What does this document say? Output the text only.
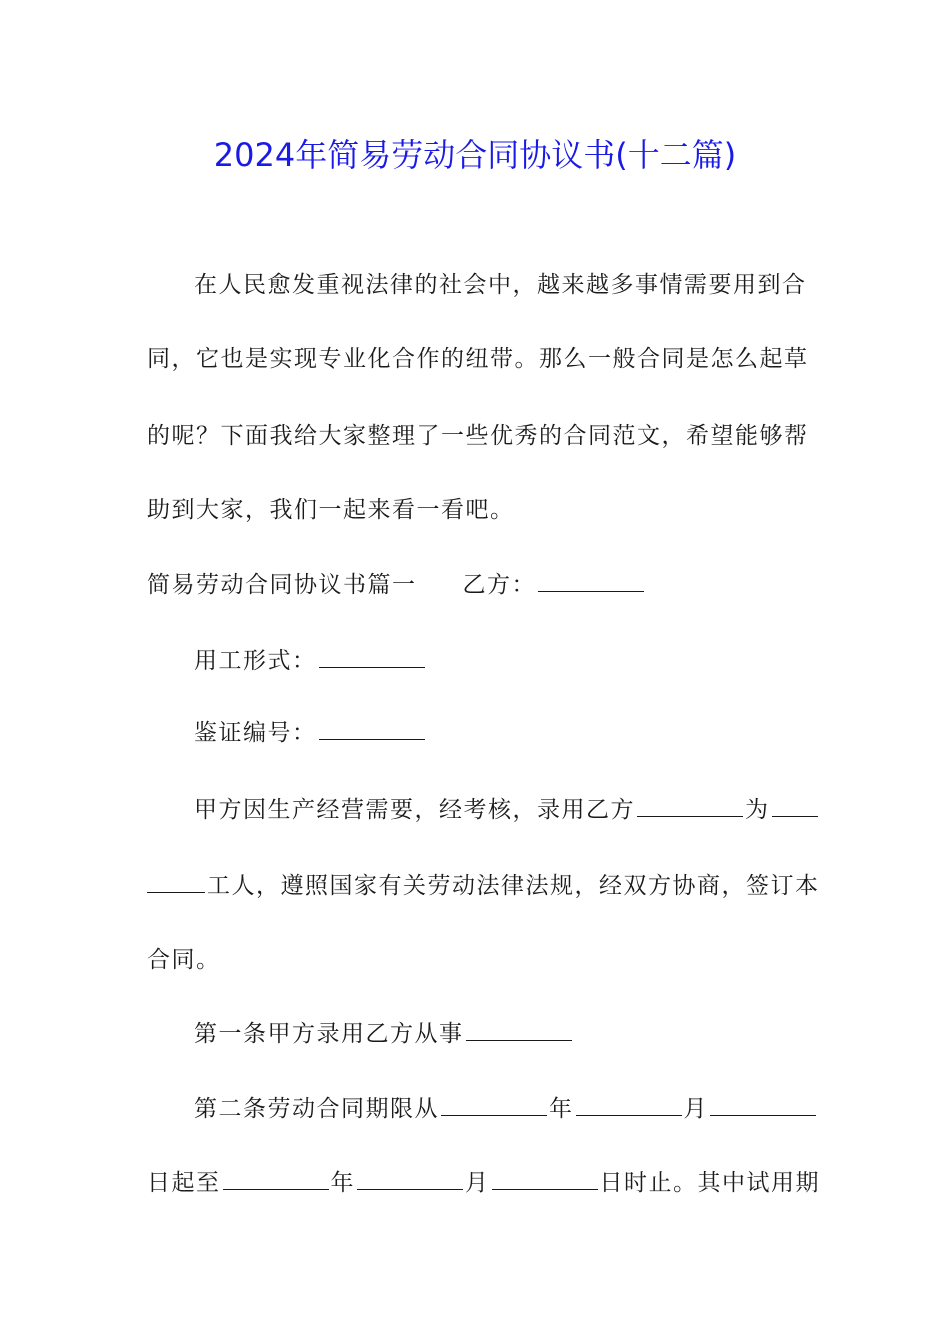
2024年简易劳动合同协议书(十二篇)
在人民愈发重视法律的社会中，越来越多事情需要用到合
同，它也是实现专业化合作的纽带。那么一般合同是怎么起草
的呢？下面我给大家整理了一些优秀的合同范文，希望能够帮
助到大家，我们一起来看一看吧。
简易劳动合同协议书篇一 乙方：
用工形式：
鉴证编号：
甲方因生产经营需要，经考核，录用乙方	为
工人，遵照国家有关劳动法律法规，经双方协商，签订本
合同。
第一条甲方录用乙方从事
第二条劳动合同期限从	年	月
日起至	年	月	日时止。其中试用期
